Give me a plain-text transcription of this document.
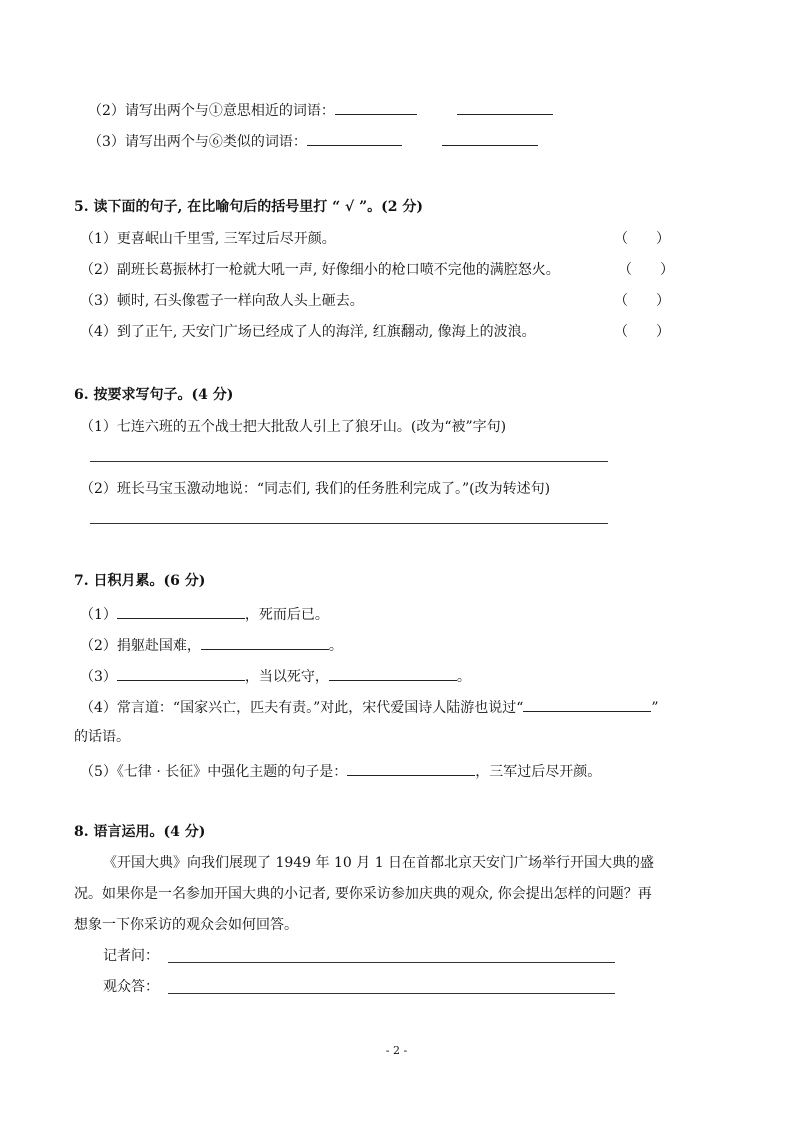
（2）请写出两个与①意思相近的词语：
（3）请写出两个与⑥类似的词语：
5. 读下面的句子, 在比喻句后的括号里打 “ √ ”。(2 分)
（1）更喜岷山千里雪, 三军过后尽开颜。	（　　）
（2）副班长葛振林打一枪就大吼一声, 好像细小的枪口喷不完他的满腔怒火。	（　　）
（3）顿时, 石头像雹子一样向敌人头上砸去。	（　　）
（4）到了正午, 天安门广场已经成了人的海洋, 红旗翻动, 像海上的波浪。	（　　）
6. 按要求写句子。(4 分)
（1）七连六班的五个战士把大批敌人引上了狼牙山。(改为“被”字句)
（2）班长马宝玉激动地说：“同志们, 我们的任务胜利完成了。”(改为转述句)
7. 日积月累。(6 分)
（1）	，死而后已。
（2）捐躯赴国难，	。
（3）	，当以死守，	。
（4）常言道：“国家兴亡，匹夫有责。”对此，宋代爱国诗人陆游也说过“	”
的话语。
（5）《七律 · 长征》中强化主题的句子是：	，三军过后尽开颜。
8. 语言运用。(4 分)
《开国大典》向我们展现了 1949 年 10 月 1 日在首都北京天安门广场举行开国大典的盛
况。如果你是一名参加开国大典的小记者, 要你采访参加庆典的观众, 你会提出怎样的问题？再
想象一下你采访的观众会如何回答。
记者问：
观众答：
- 2 -
